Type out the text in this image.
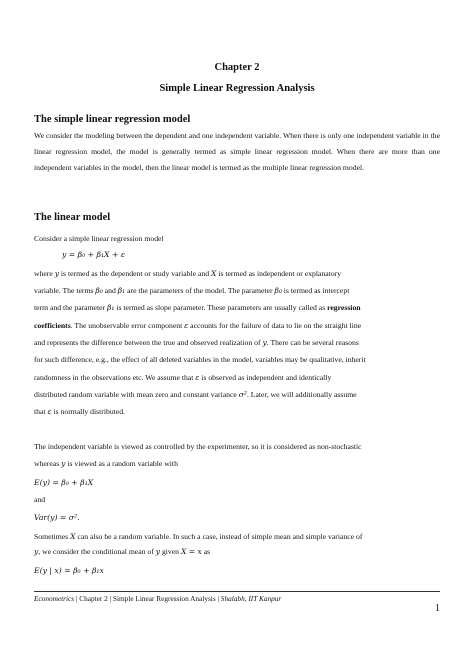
Chapter 2
Simple Linear Regression Analysis
The simple linear regression model
We consider the modeling between the dependent and one independent variable. When there is only one independent variable in the linear regression model, the model is generally termed as simple linear regression model. When there are more than one independent variables in the model, then the linear model is termed as the multiple linear regression model.
The linear model
Consider a simple linear regression model
y = β₀ + β₁X + ε
where y is termed as the dependent or study variable and X is termed as independent or explanatory
variable. The terms β₀ and β₁ are the parameters of the model. The parameter β₀ is termed as intercept
term and the parameter β₁ is termed as slope parameter. These parameters are usually called as regression
coefficients. The unobservable error component ε accounts for the failure of data to lie on the straight line
and represents the difference between the true and observed realization of y. There can be several reasons
for such difference, e.g., the effect of all deleted variables in the model, variables may be qualitative, inherit
randomness in the observations etc. We assume that ε is observed as independent and identically
distributed random variable with mean zero and constant variance σ². Later, we will additionally assume
that ε is normally distributed.
The independent variable is viewed as controlled by the experimenter, so it is considered as non-stochastic
whereas y is viewed as a random variable with
E(y) = β₀ + β₁X
and
Var(y) = σ².
Sometimes X can also be a random variable. In such a case, instead of simple mean and simple variance of
y, we consider the conditional mean of y given X = x as
E(y | x) = β₀ + β₁x
Econometrics | Chapter 2 | Simple Linear Regression Analysis | Shalabh, IIT Kanpur
1
